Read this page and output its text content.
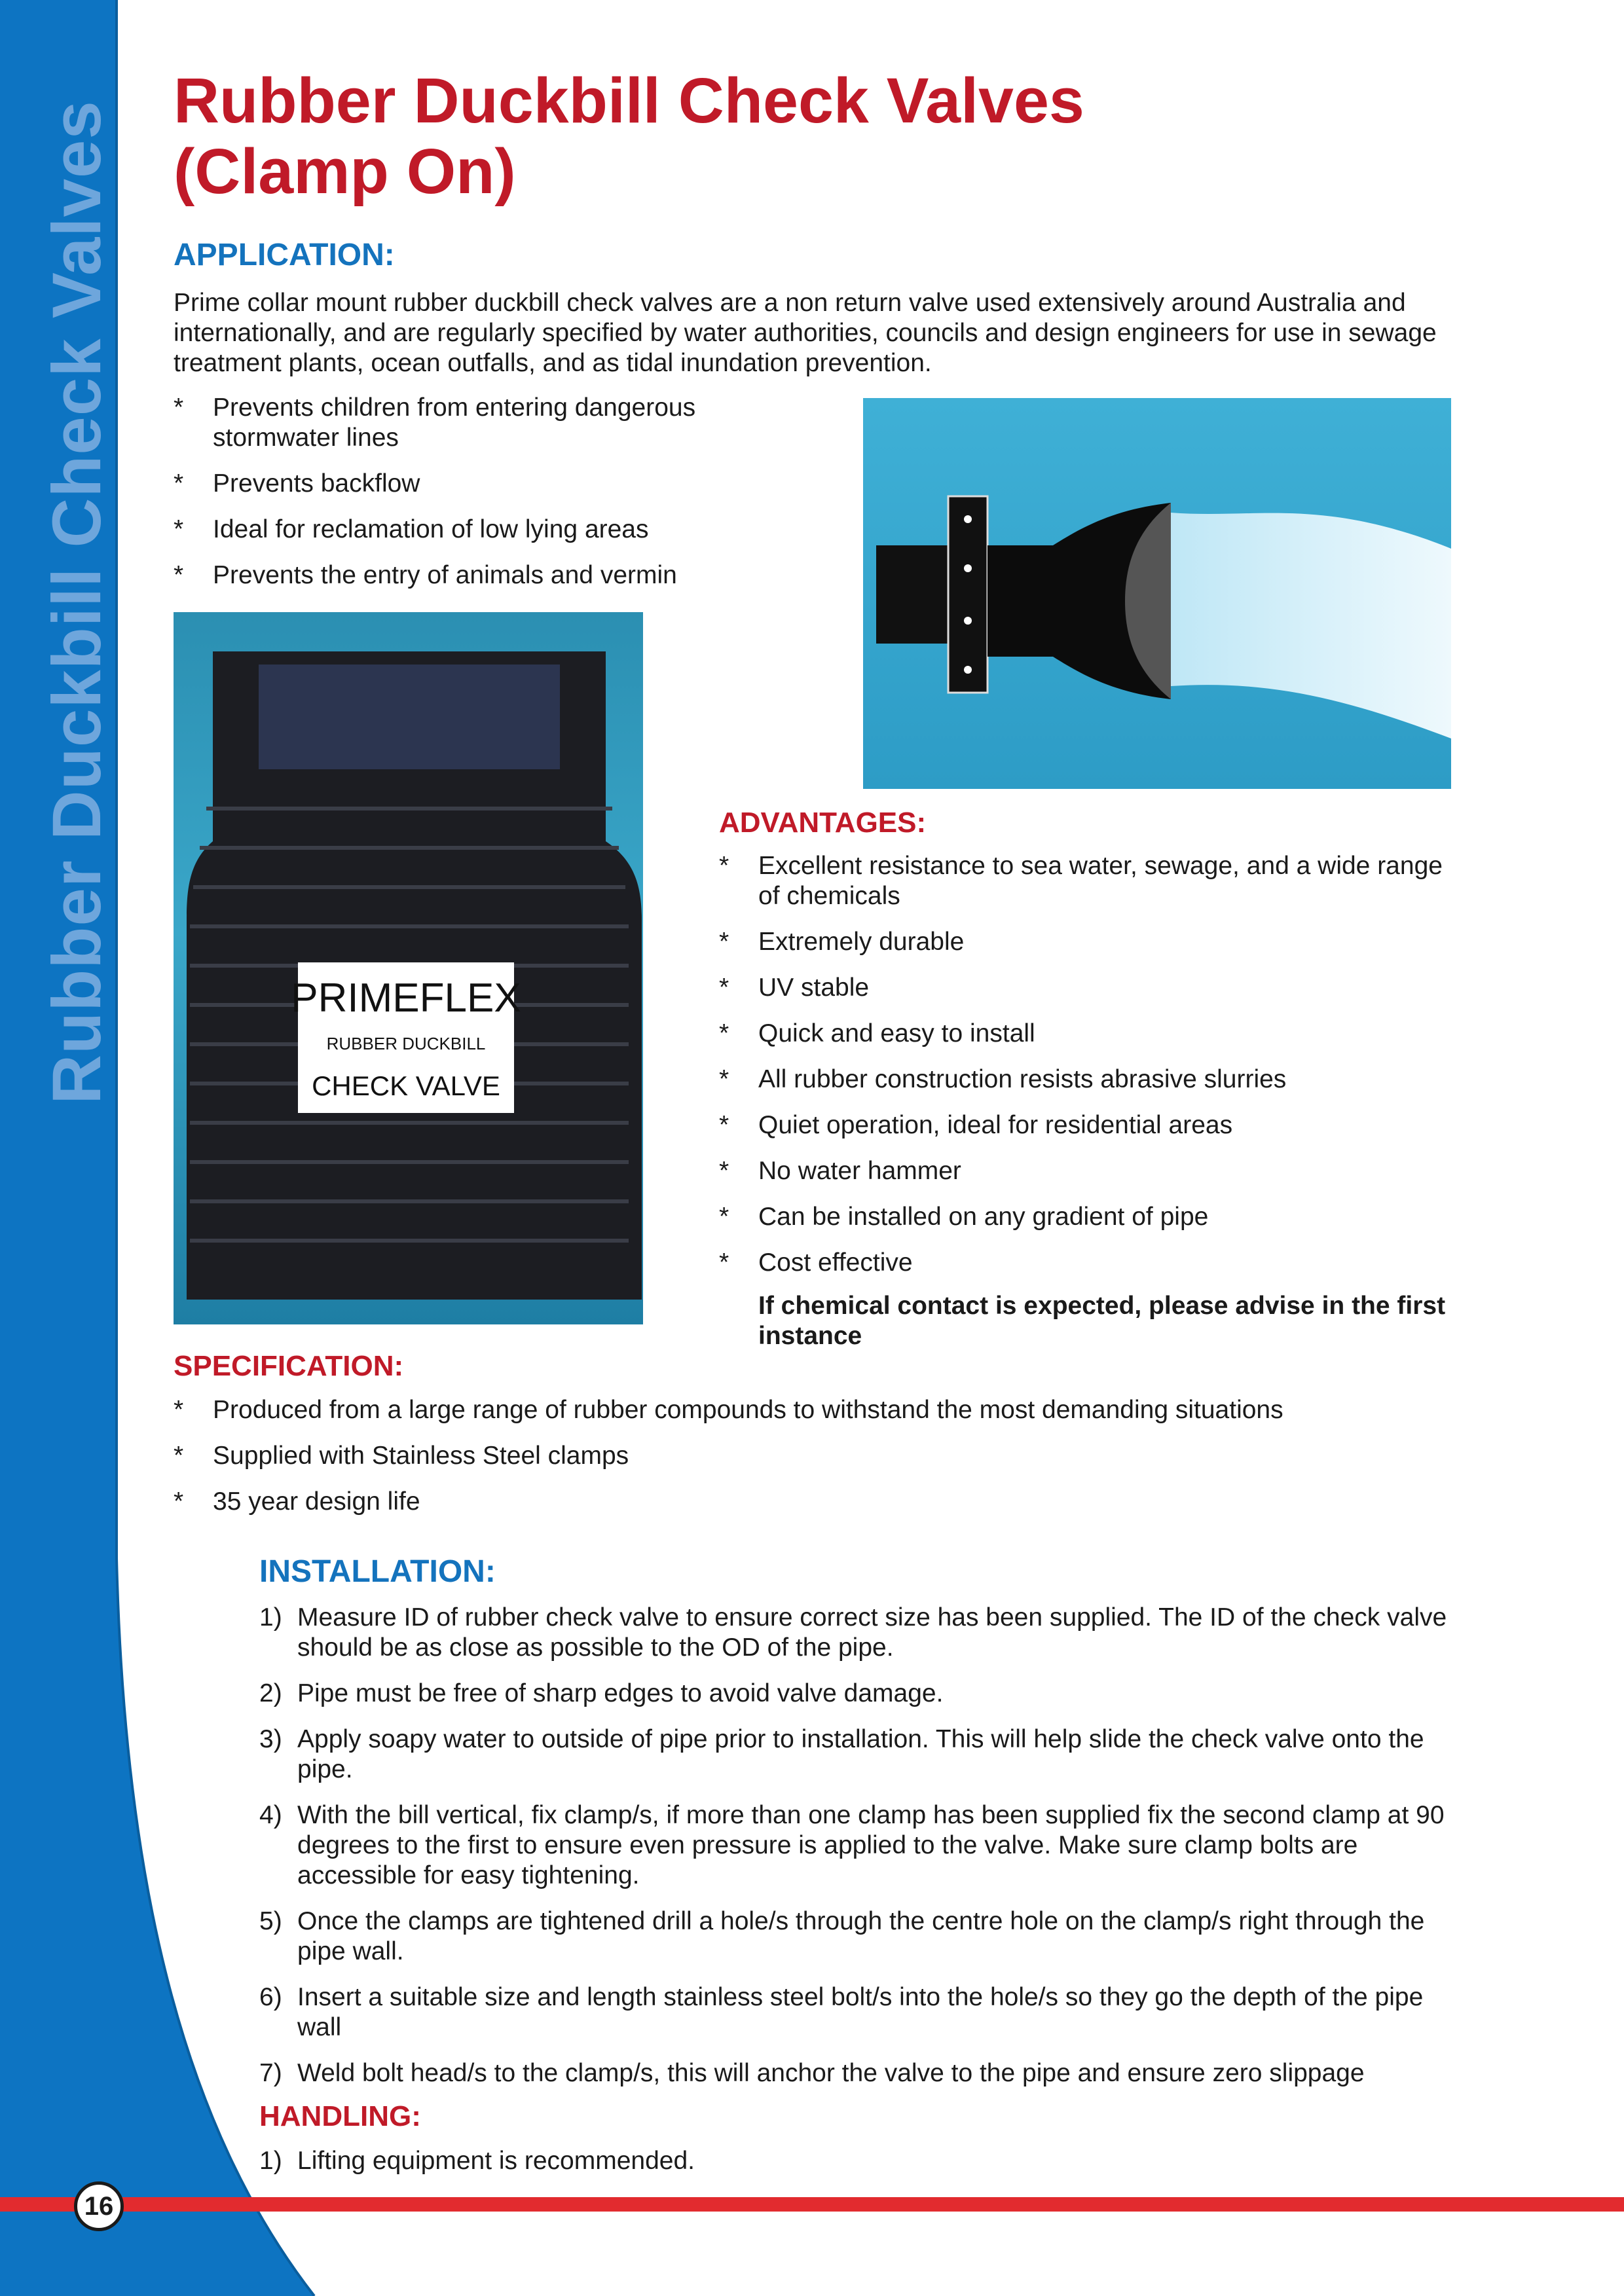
Rubber Duckbill Check Valves Rubber Duckbill Check Valves
(Clamp On)
APPLICATION:

Prime collar mount rubber duckbill check valves are a non return valve used extensively around Australia and internationally, and are regularly specified by water authorities, councils and design engineers for use in sewage treatment plants, ocean outfalls, and as tidal inundation prevention.

* Prevents children from entering dangerous stormwater lines
* Prevents backflow
* Ideal for reclamation of low lying areas
* Prevents the entry of animals and vermin
PRIMEFLEX
RUBBER DUCKBILL
CHECK VALVE
ADVANTAGES:
* Excellent resistance to sea water, sewage, and a wide range of chemicals
* Extremely durable
* UV stable
* Quick and easy to install
* All rubber construction resists abrasive slurries
* Quiet operation, ideal for residential areas
* No water hammer
* Can be installed on any gradient of pipe
* Cost effective

If chemical contact is expected, please advise in the first instance

SPECIFICATION:
* Produced from a large range of rubber compounds to withstand the most demanding situations
* Supplied with Stainless Steel clamps
* 35 year design life
INSTALLATION:
1) Measure ID of rubber check valve to ensure correct size has been supplied. The ID of the check valve should be as close as possible to the OD of the pipe.
2) Pipe must be free of sharp edges to avoid valve damage.
3) Apply soapy water to outside of pipe prior to installation. This will help slide the check valve onto the pipe.
4) With the bill vertical, fix clamp/s, if more than one clamp has been supplied fix the second clamp at 90 degrees to the first to ensure even pressure is applied to the valve. Make sure clamp bolts are accessible for easy tightening.
5) Once the clamps are tightened drill a hole/s through the centre hole on the clamp/s right through the pipe wall.
6) Insert a suitable size and length stainless steel bolt/s into the hole/s so they go the depth of the pipe wall
7) Weld bolt head/s to the clamp/s, this will anchor the valve to the pipe and ensure zero slippage
HANDLING:
1) Lifting equipment is recommended.
16
